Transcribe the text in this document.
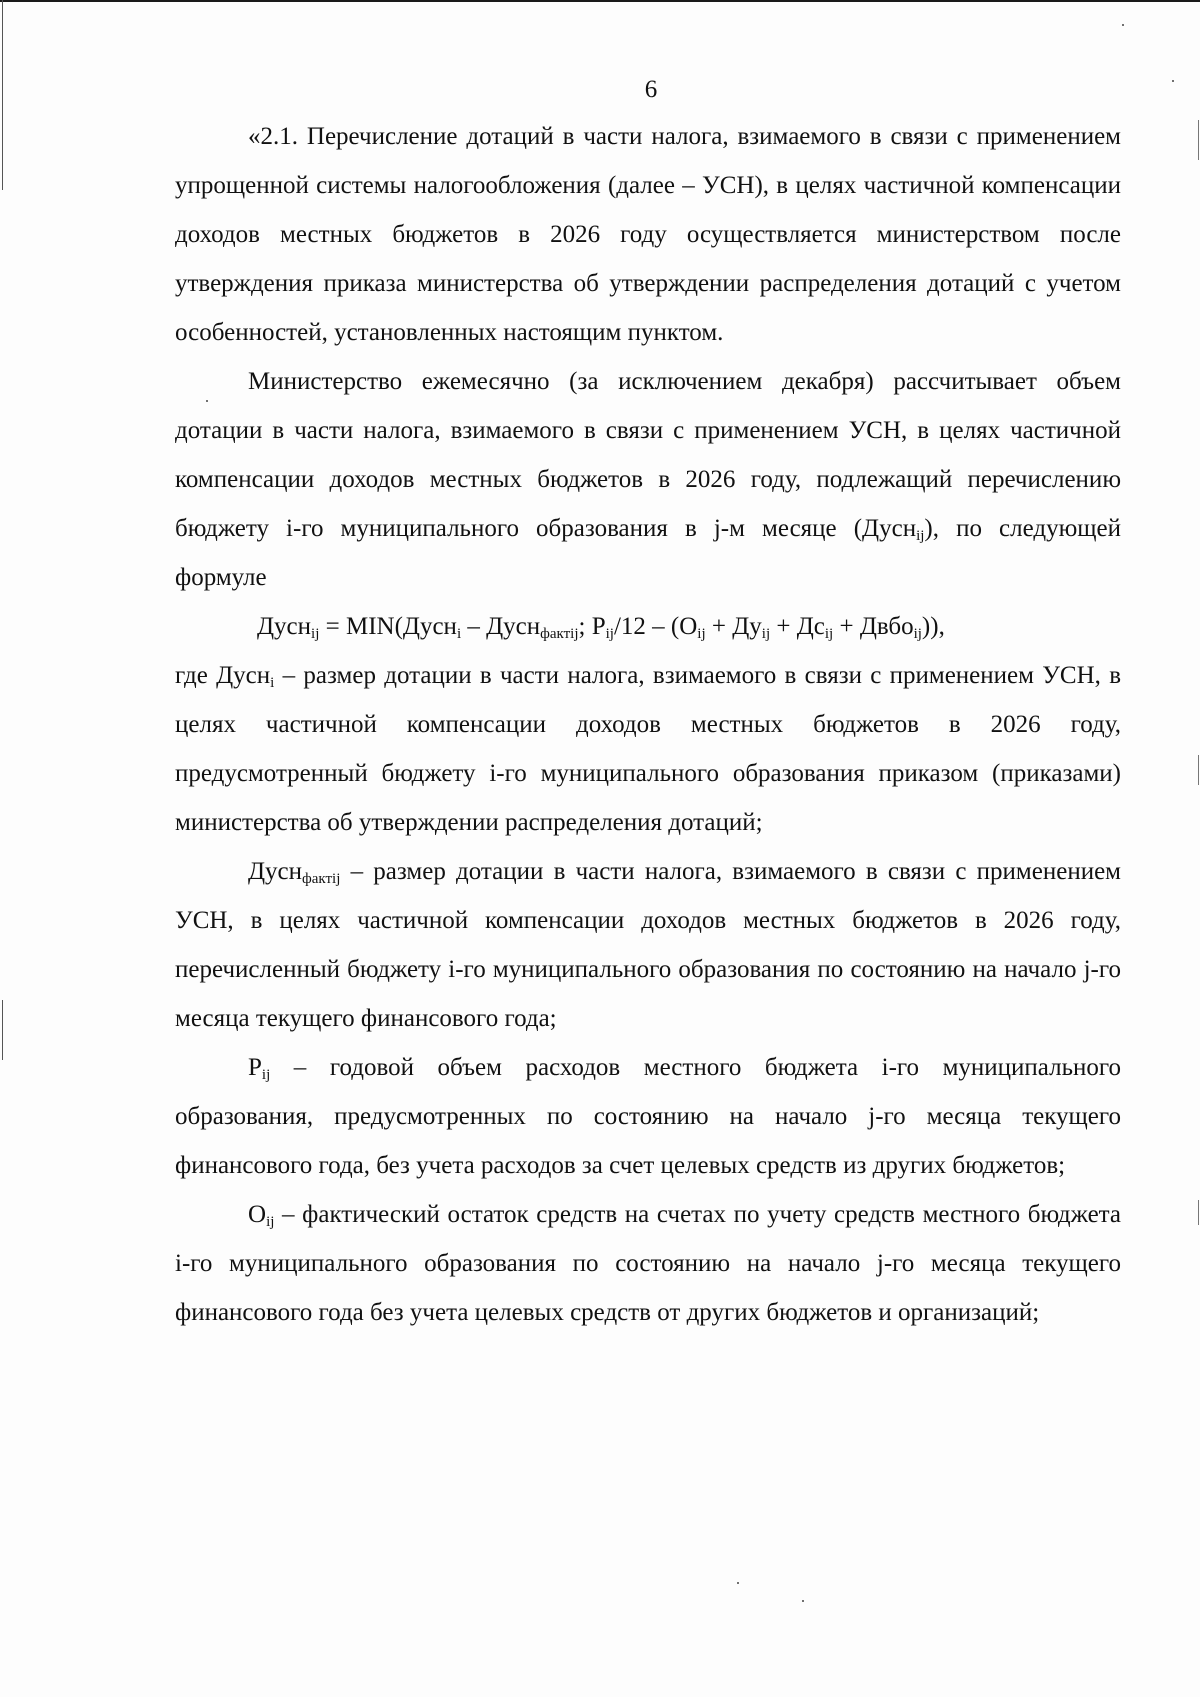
6

«2.1. Перечисление дотаций в части налога, взимаемого в связи с применением упрощенной системы налогообложения (далее – УСН), в целях частичной компенсации доходов местных бюджетов в 2026 году осуществляется министерством после утверждения приказа министерства об утверждении распределения дотаций с учетом особенностей, установленных настоящим пунктом.

Министерство ежемесячно (за исключением декабря) рассчитывает объем дотации в части налога, взимаемого в связи с применением УСН, в целях частичной компенсации доходов местных бюджетов в 2026 году, подлежащий перечислению бюджету i-го муниципального образования в j-м месяце (Дусн$_{ij}$), по следующей формуле

Дусн$_{ij}$ = MIN(Дусн$_i$ – Дусн$_{фактij}$; $Р_{ij}/12 - (О_{ij} + Ду_{ij} + Дс_{ij}$ + Двбо$_{ij}$)),

где Дусн$_i$ – размер дотации в части налога, взимаемого в связи с применением УСН, в целях частичной компенсации доходов местных бюджетов в 2026 году, предусмотренный бюджету i-го муниципального образования приказом (приказами) министерства об утверждении распределения дотаций;

Дусн$_{фактij}$ – размер дотации в части налога, взимаемого в связи с применением УСН, в целях частичной компенсации доходов местных бюджетов в 2026 году, перечисленный бюджету i-го муниципального образования по состоянию на начало j-го месяца текущего финансового года;

$Р_{ij}$ – годовой объем расходов местного бюджета i-го муниципального образования, предусмотренных по состоянию на начало j-го месяца текущего финансового года, без учета расходов за счет целевых средств из других бюджетов;

$О_{ij}$ – фактический остаток средств на счетах по учету средств местного бюджета i-го муниципального образования по состоянию на начало j-го месяца текущего финансового года без учета целевых средств от других бюджетов и организаций;
